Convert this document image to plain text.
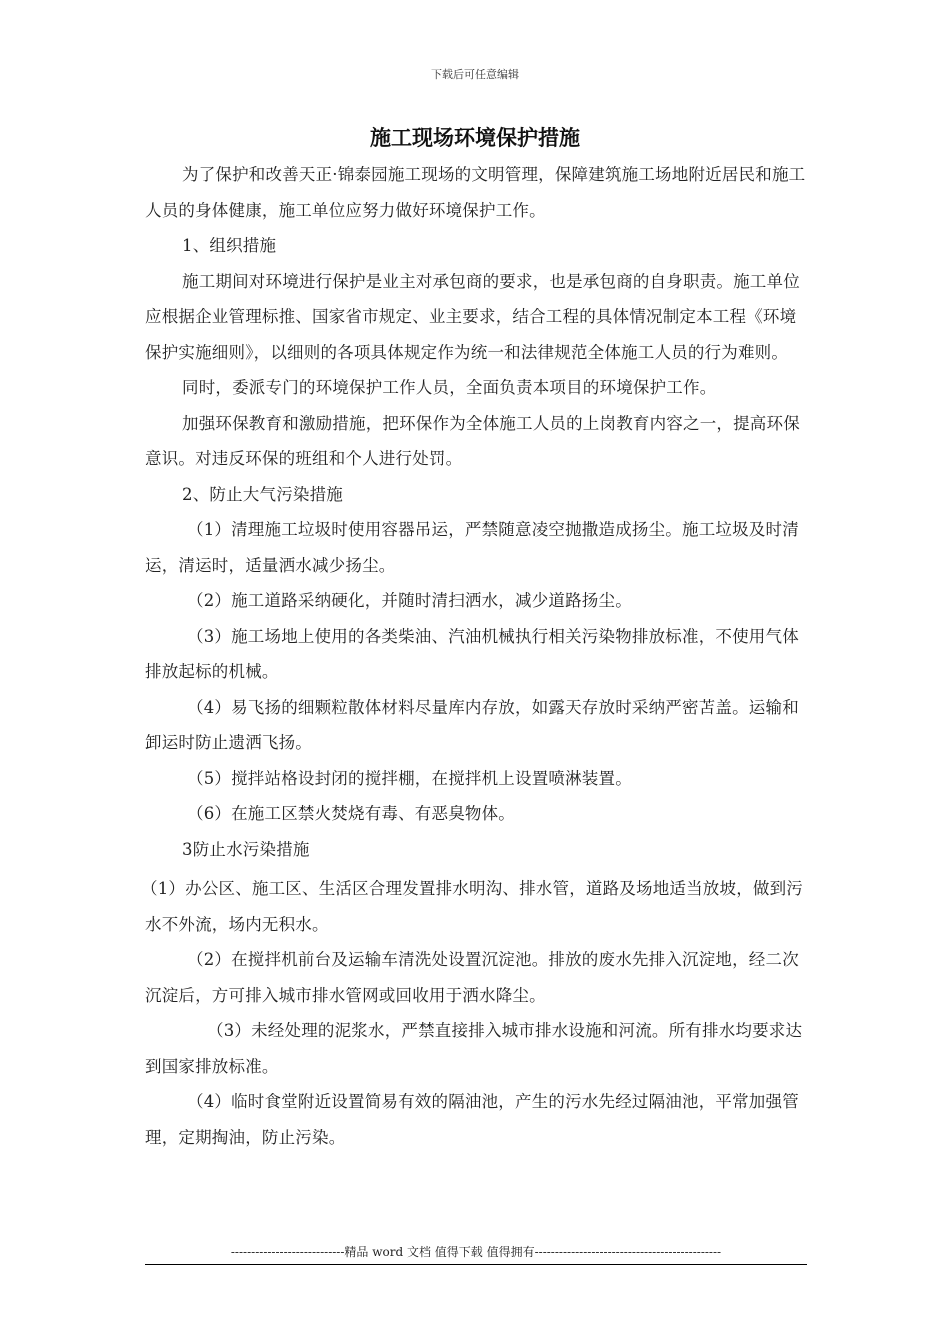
下载后可任意编辑
施工现场环境保护措施

为了保护和改善天正·锦泰园施工现场的文明管理，保障建筑施工场地附近居民和施工人员的身体健康，施工单位应努力做好环境保护工作。

1、组织措施

施工期间对环境进行保护是业主对承包商的要求，也是承包商的自身职责。施工单位应根据企业管理标推、国家省市规定、业主要求，结合工程的具体情况制定本工程《环境保护实施细则》，以细则的各项具体规定作为统一和法律规范全体施工人员的行为难则。

同时，委派专门的环境保护工作人员，全面负责本项目的环境保护工作。

加强环保教育和激励措施，把环保作为全体施工人员的上岗教育内容之一，提高环保意识。对违反环保的班组和个人进行处罚。

2、防止大气污染措施

（1）清理施工垃圾时使用容器吊运，严禁随意凌空抛撒造成扬尘。施工垃圾及时清运，清运时，适量洒水减少扬尘。

（2）施工道路采纳硬化，并随时清扫洒水，减少道路扬尘。

（3）施工场地上使用的各类柴油、汽油机械执行相关污染物排放标准，不使用气体排放起标的机械。

（4）易飞扬的细颗粒散体材料尽量库内存放，如露天存放时采纳严密苫盖。运输和卸运时防止遗洒飞扬。

（5）搅拌站格设封闭的搅拌棚，在搅拌机上设置喷淋装置。

（6）在施工区禁火焚烧有毒、有恶臭物体。

3防止水污染措施

（1）办公区、施工区、生活区合理发置排水明沟、排水管，道路及场地适当放坡，做到污水不外流，场内无积水。

（2）在搅拌机前台及运输车清洗处设置沉淀池。排放的废水先排入沉淀地，经二次沉淀后，方可排入城市排水管网或回收用于洒水降尘。

（3）未经处理的泥浆水，严禁直接排入城市排水设施和河流。所有排水均要求达到国家排放标准。

（4）临时食堂附近设置简易有效的隔油池，产生的污水先经过隔油池，平常加强管理，定期掏油，防止污染。

----------------------------精品 word 文档 值得下载 值得拥有----------------------------------------------
